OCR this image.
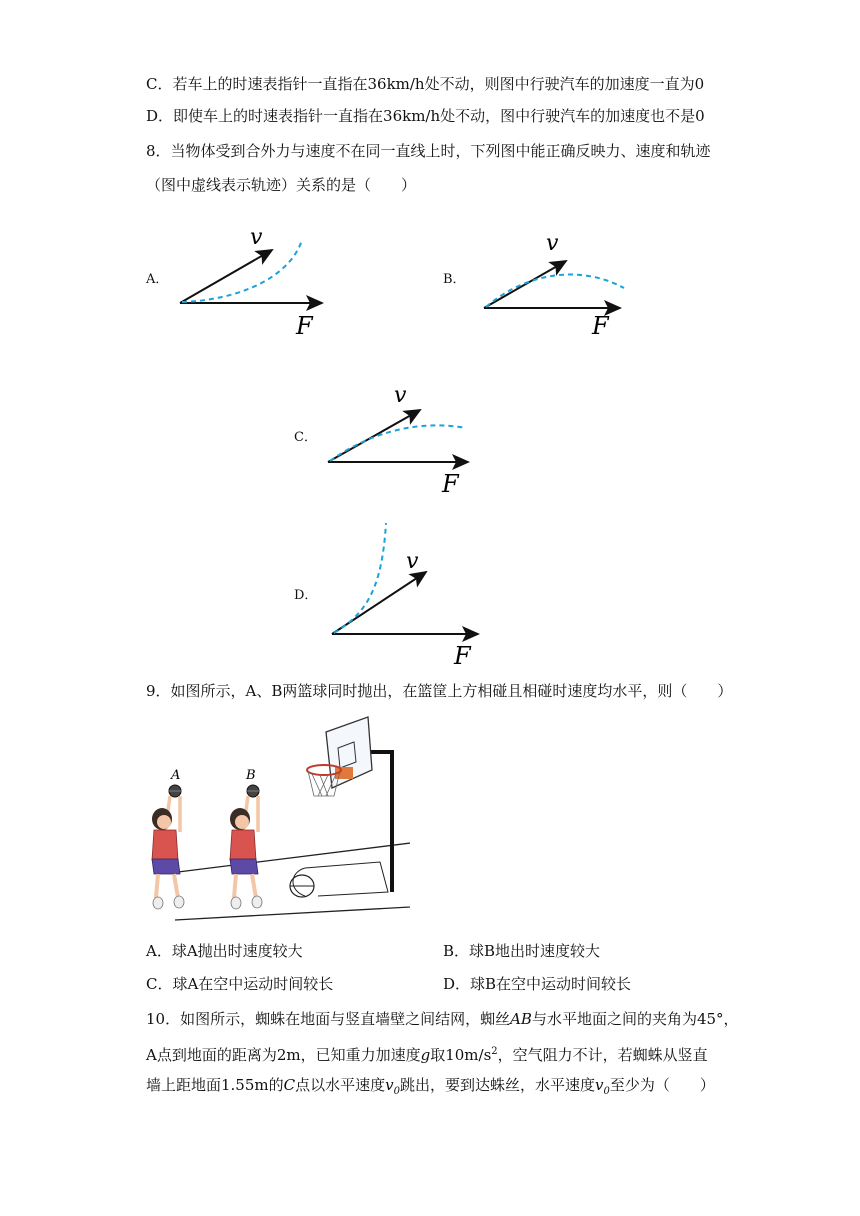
C．若车上的时速表指针一直指在36km/h处不动，则图中行驶汽车的加速度一直为0
D．即使车上的时速表指针一直指在36km/h处不动，图中行驶汽车的加速度也不是0
8．当物体受到合外力与速度不在同一直线上时，下列图中能正确反映力、速度和轨迹
（图中虚线表示轨迹）关系的是（　　）
A．
v
F
B．
v
F
C．
v
F
D．
v
F
9．如图所示，A、B两篮球同时抛出，在篮筐上方相碰且相碰时速度均水平，则（　　）
A	B
A．球A抛出时速度较大	B．球B地出时速度较大
C．球A在空中运动时间较长	D．球B在空中运动时间较长
10．如图所示，蜘蛛在地面与竖直墙壁之间结网，蜘丝AB与水平地面之间的夹角为45°，
A点到地面的距离为2m，已知重力加速度g取$10m/s^2$，空气阻力不计，若蜘蛛从竖直
墙上距地面1.55m的C点以水平速度$v_0$跳出，要到达蛛丝，水平速度$v_0$至少为（　　）
